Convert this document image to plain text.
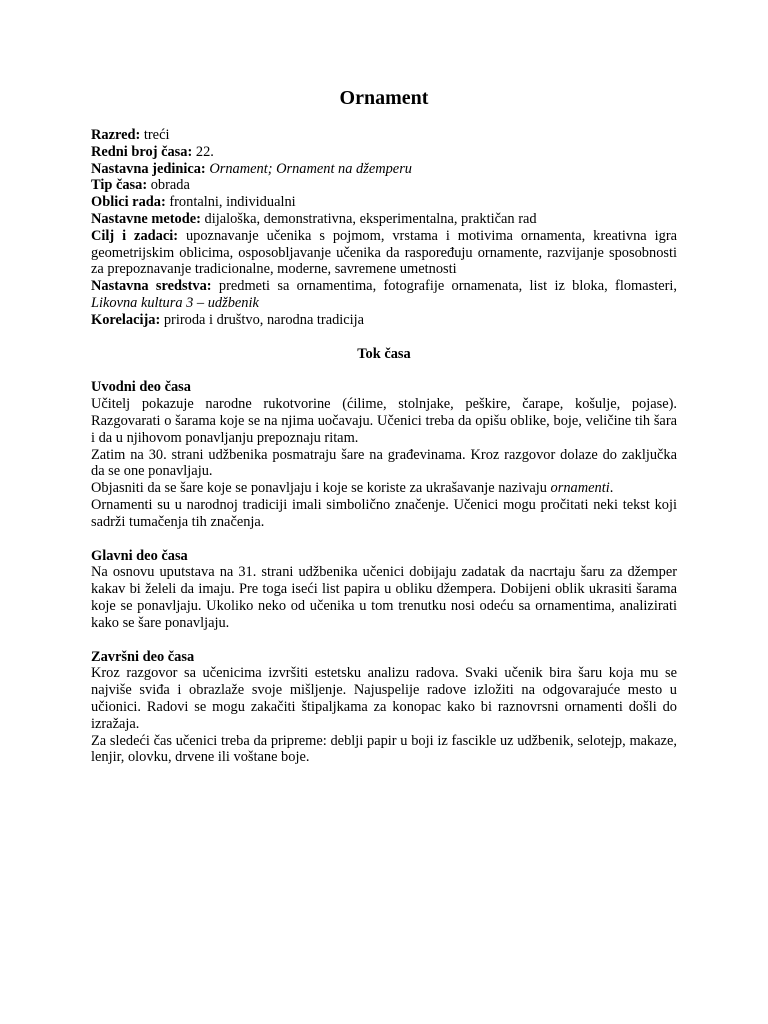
Ornament

Razred: treći

Redni broj časa: 22.

Nastavna jedinica: Ornament; Ornament na džemperu

Tip časa: obrada

Oblici rada: frontalni, individualni

Nastavne metode: dijaloška, demonstrativna, eksperimentalna, praktičan rad

Cilj i zadaci: upoznavanje učenika s pojmom, vrstama i motivima ornamenta, kreativna igra geometrijskim oblicima, osposobljavanje učenika da raspoređuju ornamente, razvijanje sposobnosti za prepoznavanje tradicionalne, moderne, savremene umetnosti

Nastavna sredstva: predmeti sa ornamentima, fotografije ornamenata, list iz bloka, flomasteri, Likovna kultura 3 – udžbenik

Korelacija: priroda i društvo, narodna tradicija

Tok časa

Uvodni deo časa

Učitelj pokazuje narodne rukotvorine (ćilime, stolnjake, peškire, čarape, košulje, pojase). Razgovarati o šarama koje se na njima uočavaju. Učenici treba da opišu oblike, boje, veličine tih šara i da u njihovom ponavljanju prepoznaju ritam.

Zatim na 30. strani udžbenika posmatraju šare na građevinama. Kroz razgovor dolaze do zaključka da se one ponavljaju.

Objasniti da se šare koje se ponavljaju i koje se koriste za ukrašavanje nazivaju ornamenti.

Ornamenti su u narodnoj tradiciji imali simbolično značenje. Učenici mogu pročitati neki tekst koji sadrži tumačenja tih značenja.

Glavni deo časa

Na osnovu uputstava na 31. strani udžbenika učenici dobijaju zadatak da nacrtaju šaru za džemper kakav bi želeli da imaju. Pre toga iseći list papira u obliku džempera. Dobijeni oblik ukrasiti šarama koje se ponavljaju. Ukoliko neko od učenika u tom trenutku nosi odeću sa ornamentima, analizirati kako se šare ponavljaju.

Završni deo časa

Kroz razgovor sa učenicima izvršiti estetsku analizu radova. Svaki učenik bira šaru koja mu se najviše sviđa i obrazlaže svoje mišljenje. Najuspelije radove izložiti na odgovarajuće mesto u učionici. Radovi se mogu zakačiti štipaljkama za konopac kako bi raznovrsni ornamenti došli do izražaja.

Za sledeći čas učenici treba da pripreme: deblji papir u boji iz fascikle uz udžbenik, selotejp, makaze, lenjir, olovku, drvene ili voštane boje.
